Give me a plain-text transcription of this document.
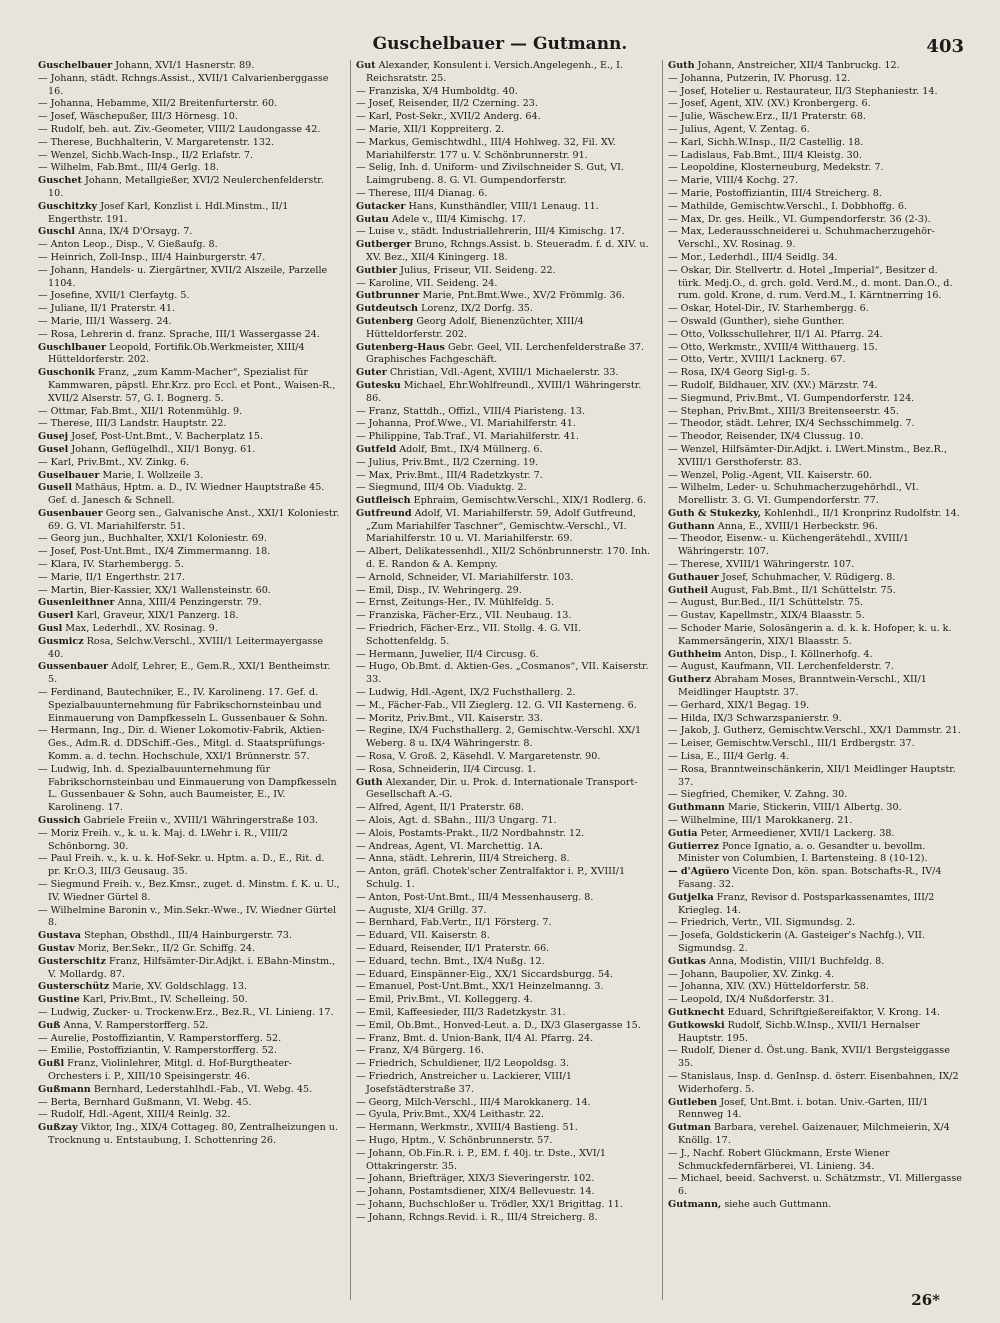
Guschelbauer — Gutmann.	403
Guschelbauer Johann, XVI/1 Hasnerstr. 89.
— Johann, städt. Rchngs.Assist., XVII/1 Calvarienberggasse 16.
— Johanna, Hebamme, XII/2 Breitenfurterstr. 60.
— Josef, Wäschepußer, III/3 Hörnesg. 10.
— Rudolf, beh. aut. Ziv.-Geometer, VIII/2 Laudongasse 42.
— Therese, Buchhalterin, V. Margaretenstr. 132.
— Wenzel, Sichb.Wach-Insp., II/2 Erlafstr. 7.
— Wilhelm, Fab.Bmt., III/4 Gerlg. 18.
Guschet Johann, Metallgießer, XVI/2 Neulerchenfelderstr. 10.
Guschitzky Josef Karl, Konzlist i. Hdl.Minstm., II/1 Engerthstr. 191.
Guschl Anna, IX/4 D'Orsayg. 7.
— Anton Leop., Disp., V. Gießaufg. 8.
— Heinrich, Zoll-Insp., III/4 Hainburgerstr. 47.
— Johann, Handels- u. Ziergärtner, XVII/2 Alszeile, Parzelle 1104.
— Josefine, XVII/1 Clerfaytg. 5.
— Juliane, II/1 Praterstr. 41.
— Marie, III/1 Wasserg. 24.
— Rosa, Lehrerin d. franz. Sprache, III/1 Wassergasse 24.
Guschlbauer Leopold, Fortifik.Ob.Werkmeister, XIII/4 Hütteldorferstr. 202.
Guschonik Franz, „zum Kamm-Macher“, Spezialist für Kammwaren, päpstl. Ehr.Krz. pro Eccl. et Pont., Waisen-R., XVII/2 Alserstr. 57, G. I. Bognerg. 5.
— Ottmar, Fab.Bmt., XII/1 Rotenmühlg. 9.
— Therese, III/3 Landstr. Hauptstr. 22.
Gusej Josef, Post-Unt.Bmt., V. Bacherplatz 15.
Gusel Johann, Geflügelhdl., XII/1 Bonyg. 61.
— Karl, Priv.Bmt., XV. Zinkg. 6.
Guselbauer Marie, I. Wollzeile 3.
Gusell Mathäus, Hptm. a. D., IV. Wiedner Hauptstraße 45. Gef. d. Janesch & Schnell.
Gusenbauer Georg sen., Galvanische Anst., XXI/1 Koloniestr. 69. G. VI. Mariahilferstr. 51.
— Georg jun., Buchhalter, XXI/1 Koloniestr. 69.
— Josef, Post-Unt.Bmt., IX/4 Zimmermanng. 18.
— Klara, IV. Starhembergg. 5.
— Marie, II/1 Engerthstr. 217.
— Martin, Bier-Kassier, XX/1 Wallensteinstr. 60.
Gusenleithner Anna, XIII/4 Penzingerstr. 79.
Guserl Karl, Graveur, XIX/1 Panzerg. 18.
Gusl Max, Lederhdl., XV. Rosinag. 9.
Gusmicz Rosa, Selchw.Verschl., XVIII/1 Leitermayergasse 40.
Gussenbauer Adolf, Lehrer, E., Gem.R., XXI/1 Bentheimstr. 5.
— Ferdinand, Bautechniker, E., IV. Karolineng. 17. Gef. d. Spezialbauunternehmung für Fabrikschornsteinbau und Einmauerung von Dampfkesseln L. Gussenbauer & Sohn.
— Hermann, Ing., Dir. d. Wiener Lokomotiv-Fabrik, Aktien-Ges., Adm.R. d. DDSchiff.-Ges., Mitgl. d. Staatsprüfungs-Komm. a. d. techn. Hochschule, XXI/1 Brünnerstr. 57.
— Ludwig, Inh. d. Spezialbauunternehmung für Fabrikschornsteinbau und Einmauerung von Dampfkesseln L. Gussenbauer & Sohn, auch Baumeister, E., IV. Karolineng. 17.
Gussich Gabriele Freiin v., XVIII/1 Währingerstraße 103.
— Moriz Freih. v., k. u. k. Maj. d. LWehr i. R., VIII/2 Schönborng. 30.
— Paul Freih. v., k. u. k. Hof-Sekr. u. Hptm. a. D., E., Rit. d. pr. Kr.O.3, III/3 Geusaug. 35.
— Siegmund Freih. v., Bez.Kmsr., zuget. d. Minstm. f. K. u. U., IV. Wiedner Gürtel 8.
— Wilhelmine Baronin v., Min.Sekr.-Wwe., IV. Wiedner Gürtel 8.
Gustava Stephan, Obsthdl., III/4 Hainburgerstr. 73.
Gustav Moriz, Ber.Sekr., II/2 Gr. Schiffg. 24.
Gusterschitz Franz, Hilfsämter-Dir.Adjkt. i. EBahn-Minstm., V. Mollardg. 87.
Gusterschütz Marie, XV. Goldschlagg. 13.
Gustine Karl, Priv.Bmt., IV. Schelleing. 50.
— Ludwig, Zucker- u. Trockenw.Erz., Bez.R., VI. Linieng. 17.
Guß Anna, V. Ramperstorfferg. 52.
— Aurelie, Postoffiziantin, V. Ramperstorfferg. 52.
— Emilie, Postoffiziantin, V. Ramperstorfferg. 52.
Gußl Franz, Violinlehrer, Mitgl. d. Hof-Burgtheater-Orchesters i. P., XIII/10 Speisingerstr. 46.
Gußmann Bernhard, Lederstahlhdl.-Fab., VI. Webg. 45.
— Berta, Bernhard Gußmann, VI. Webg. 45.
— Rudolf, Hdl.-Agent, XIII/4 Reinlg. 32.
Gußzay Viktor, Ing., XIX/4 Cottageg. 80, Zentralheizungen u. Trocknung u. Entstaubung, I. Schottenring 26.
Gut Alexander, Konsulent i. Versich.Angelegenh., E., I. Reichsratstr. 25.
— Franziska, X/4 Humboldtg. 40.
— Josef, Reisender, II/2 Czerning. 23.
— Karl, Post-Sekr., XVII/2 Anderg. 64.
— Marie, XII/1 Koppreiterg. 2.
— Markus, Gemischtwdhl., III/4 Hohlweg. 32, Fil. XV. Mariahilferstr. 177 u. V. Schönbrunnerstr. 91.
— Selig, Inh. d. Uniform- und Zivilschneider S. Gut, VI. Laimgrubeng. 8. G. VI. Gumpendorferstr.
— Therese, III/4 Dianag. 6.
Gutacker Hans, Kunsthändler, VIII/1 Lenaug. 11.
Gutau Adele v., III/4 Kimischg. 17.
— Luise v., städt. Industriallehrerin, III/4 Kimischg. 17.
Gutberger Bruno, Rchngs.Assist. b. Steueradm. f. d. XIV. u. XV. Bez., XII/4 Kiningerg. 18.
Gutbier Julius, Friseur, VII. Seideng. 22.
— Karoline, VII. Seideng. 24.
Gutbrunner Marie, Pnt.Bmt.Wwe., XV/2 Frömmlg. 36.
Gutdeutsch Lorenz, IX/2 Dorfg. 35.
Gutenberg Georg Adolf, Bienenzüchter, XIII/4 Hütteldorferstr. 202.
Gutenberg-Haus Gebr. Geel, VII. Lerchenfelderstraße 37. Graphisches Fachgeschäft.
Guter Christian, Vdl.-Agent, XVIII/1 Michaelerstr. 33.
Gutesku Michael, Ehr.Wohlfreundl., XVIII/1 Währingerstr. 86.
— Franz, Stattdh., Offizl., VIII/4 Piaristeng. 13.
— Johanna, Prof.Wwe., VI. Mariahilferstr. 41.
— Philippine, Tab.Traf., VI. Mariahilferstr. 41.
Gutfeld Adolf, Bmt., IX/4 Müllnerg. 6.
— Julius, Priv.Bmt., II/2 Czerning. 19.
— Max, Priv.Bmt., III/4 Radetzkystr. 7.
— Siegmund, III/4 Ob. Viaduktg. 2.
Gutfleisch Ephraim, Gemischtw.Verschl., XIX/1 Rodlerg. 6.
Gutfreund Adolf, VI. Mariahilferstr. 59, Adolf Gutfreund, „Zum Mariahilfer Taschner“, Gemischtw.-Verschl., VI. Mariahilferstr. 10 u. VI. Mariahilferstr. 69.
— Albert, Delikatessenhdl., XII/2 Schönbrunnerstr. 170. Inh. d. E. Randon & A. Kempny.
— Arnold, Schneider, VI. Mariahilferstr. 103.
— Emil, Disp., IV. Wehringerg. 29.
— Ernst, Zeitungs-Her., IV. Mühlfeldg. 5.
— Franziska, Fächer-Erz., VII. Neubaug. 13.
— Friedrich, Fächer-Erz., VII. Stollg. 4. G. VII. Schottenfeldg. 5.
— Hermann, Juwelier, II/4 Circusg. 6.
— Hugo, Ob.Bmt. d. Aktien-Ges. „Cosmanos“, VII. Kaiserstr. 33.
— Ludwig, Hdl.-Agent, IX/2 Fuchsthallerg. 2.
— M., Fächer-Fab., VII Zieglerg. 12. G. VII Kasterneng. 6.
— Moritz, Priv.Bmt., VII. Kaiserstr. 33.
— Regine, IX/4 Fuchsthallerg. 2, Gemischtw.-Verschl. XX/1 Weberg. 8 u. IX/4 Währingerstr. 8.
— Rosa, V. Groß. 2, Käsehdl. V. Margaretenstr. 90.
— Rosa, Schneiderin, II/4 Circusg. 1.
Guth Alexander, Dir. u. Prok. d. Internationale Transport-Gesellschaft A.-G.
— Alfred, Agent, II/1 Praterstr. 68.
— Alois, Agt. d. SBahn., III/3 Ungarg. 71.
— Alois, Postamts-Prakt., II/2 Nordbahnstr. 12.
— Andreas, Agent, VI. Marchettig. 1A.
— Anna, städt. Lehrerin, III/4 Streicherg. 8.
— Anton, gräfl. Chotek'scher Zentralfaktor i. P., XVIII/1 Schulg. 1.
— Anton, Post-Unt.Bmt., III/4 Messenhauserg. 8.
— Auguste, XI/4 Grillg. 37.
— Bernhard, Fab.Vertr., II/1 Försterg. 7.
— Eduard, VII. Kaiserstr. 8.
— Eduard, Reisender, II/1 Praterstr. 66.
— Eduard, techn. Bmt., IX/4 Nußg. 12.
— Eduard, Einspänner-Eig., XX/1 Siccardsburgg. 54.
— Emanuel, Post-Unt.Bmt., XX/1 Heinzelmanng. 3.
— Emil, Priv.Bmt., VI. Kolleggerg. 4.
— Emil, Kaffeesieder, III/3 Radetzkystr. 31.
— Emil, Ob.Bmt., Honved-Leut. a. D., IX/3 Glasergasse 15.
— Franz, Bmt. d. Union-Bank, II/4 Al. Pfarrg. 24.
— Franz, X/4 Bürgerg. 16.
— Friedrich, Schuldiener, II/2 Leopoldsg. 3.
— Friedrich, Anstreicher u. Lackierer, VIII/1 Josefstädterstraße 37.
— Georg, Milch-Verschl., III/4 Marokkanerg. 14.
— Gyula, Priv.Bmt., XX/4 Leithastr. 22.
— Hermann, Werkmstr., XVIII/4 Bastieng. 51.
— Hugo, Hptm., V. Schönbrunnerstr. 57.
— Johann, Ob.Fin.R. i. P., EM. f. 40j. tr. Dste., XVI/1 Ottakringerstr. 35.
— Johann, Briefträger, XIX/3 Sieveringerstr. 102.
— Johann, Postamtsdiener, XIX/4 Bellevuestr. 14.
— Johann, Buchschloßer u. Trödler, XX/1 Brigittag. 11.
— Johann, Rchngs.Revid. i. R., III/4 Streicherg. 8.
Guth Johann, Anstreicher, XII/4 Tanbruckg. 12.
— Johanna, Putzerin, IV. Phorusg. 12.
— Josef, Hotelier u. Restaurateur, II/3 Stephaniestr. 14.
— Josef, Agent, XIV. (XV.) Kronbergerg. 6.
— Julie, Wäschew.Erz., II/1 Praterstr. 68.
— Julius, Agent, V. Zentag. 6.
— Karl, Sichh.W.Insp., II/2 Castellig. 18.
— Ladislaus, Fab.Bmt., III/4 Kleistg. 30.
— Leopoldine, Klosterneuburg, Medekstr. 7.
— Marie, VIII/4 Kochg. 27.
— Marie, Postoffiziantin, III/4 Streicherg. 8.
— Mathilde, Gemischtw.Verschl., I. Dobbhoffg. 6.
— Max, Dr. ges. Heilk., VI. Gumpendorferstr. 36 (2-3).
— Max, Lederausschneiderei u. Schuhmacherzugehör-Verschl., XV. Rosinag. 9.
— Mor., Lederhdl., III/4 Seidlg. 34.
— Oskar, Dir. Stellvertr. d. Hotel „Imperial“, Besitzer d. türk. Medj.O., d. grch. gold. Verd.M., d. mont. Dan.O., d. rum. gold. Krone, d. rum. Verd.M., I. Kärntnerring 16.
— Oskar, Hotel-Dir., IV. Starhembergg. 6.
— Oswald (Gunther), siehe Gunther.
— Otto, Volksschullehrer, II/1 Al. Pfarrg. 24.
— Otto, Werkmstr., XVIII/4 Witthauerg. 15.
— Otto, Vertr., XVIII/1 Lacknerg. 67.
— Rosa, IX/4 Georg Sigl-g. 5.
— Rudolf, Bildhauer, XIV. (XV.) Märzstr. 74.
— Siegmund, Priv.Bmt., VI. Gumpendorferstr. 124.
— Stephan, Priv.Bmt., XIII/3 Breitenseerstr. 45.
— Theodor, städt. Lehrer, IX/4 Sechsschimmelg. 7.
— Theodor, Reisender, IX/4 Clussug. 10.
— Wenzel, Hilfsämter-Dir.Adjkt. i. LWert.Minstm., Bez.R., XVIII/1 Gersthoferstr. 83.
— Wenzel, Polig.-Agent, VII. Kaiserstr. 60.
— Wilhelm, Leder- u. Schuhmacherzugehörhdl., VI. Morellistr. 3. G. VI. Gumpendorferstr. 77.
Guth & Stukezky, Kohlenhdl., II/1 Kronprinz Rudolfstr. 14.
Guthann Anna, E., XVIII/1 Herbeckstr. 96.
— Theodor, Eisenw.- u. Küchengerätehdl., XVIII/1 Währingerstr. 107.
— Therese, XVIII/1 Währingerstr. 107.
Guthauer Josef, Schuhmacher, V. Rüdigerg. 8.
Gutheil August, Fab.Bmt., II/1 Schüttelstr. 75.
— August, Bur.Bed., II/1 Schüttelstr. 75.
— Gustav, Kapellmstr., XIX/4 Blaasstr. 5.
— Schoder Marie, Solosängerin a. d. k. k. Hofoper, k. u. k. Kammersängerin, XIX/1 Blaasstr. 5.
Guthheim Anton, Disp., I. Köllnerhofg. 4.
— August, Kaufmann, VII. Lerchenfelderstr. 7.
Gutherz Abraham Moses, Branntwein-Verschl., XII/1 Meidlinger Hauptstr. 37.
— Gerhard, XIX/1 Begag. 19.
— Hilda, IX/3 Schwarzspanierstr. 9.
— Jakob, J. Gutherz, Gemischtw.Verschl., XX/1 Dammstr. 21.
— Leiser, Gemischtw.Verschl., III/1 Erdbergstr. 37.
— Lisa, E., III/4 Gerlg. 4.
— Rosa, Branntweinschänkerin, XII/1 Meidlinger Hauptstr. 37.
— Siegfried, Chemiker, V. Zahng. 30.
Guthmann Marie, Stickerin, VIII/1 Albertg. 30.
— Wilhelmine, III/1 Marokkanerg. 21.
Gutia Peter, Armeediener, XVII/1 Lackerg. 38.
Gutierrez Ponce Ignatio, a. o. Gesandter u. bevollm. Minister von Columbien, I. Bartensteing. 8 (10-12).
— d'Agüero Vicente Don, kön. span. Botschafts-R., IV/4 Fasang. 32.
Gutjelka Franz, Revisor d. Postsparkassenamtes, III/2 Kriegleg. 14.
— Friedrich, Vertr., VII. Sigmundsg. 2.
— Josefa, Goldstickerin (A. Gasteiger's Nachfg.), VII. Sigmundsg. 2.
Gutkas Anna, Modistin, VIII/1 Buchfeldg. 8.
— Johann, Baupolier, XV. Zinkg. 4.
— Johanna, XIV. (XV.) Hütteldorferstr. 58.
— Leopold, IX/4 Nußdorferstr. 31.
Gutknecht Eduard, Schriftgießereifaktor, V. Krong. 14.
Gutkowski Rudolf, Sichb.W.Insp., XVII/1 Hernalser Hauptstr. 195.
— Rudolf, Diener d. Öst.ung. Bank, XVII/1 Bergsteiggasse 35.
— Stanislaus, Insp. d. GenInsp. d. österr. Eisenbahnen, IX/2 Widerhoferg. 5.
Gutleben Josef, Unt.Bmt. i. botan. Univ.-Garten, III/1 Rennweg 14.
Gutman Barbara, verehel. Gaizenauer, Milchmeierin, X/4 Knöllg. 17.
— J., Nachf. Robert Glückmann, Erste Wiener Schmuckfedernfärberei, VI. Linieng. 34.
— Michael, beeid. Sachverst. u. Schätzmstr., VI. Millergasse 6.
Gutmann, siehe auch Guttmann.
26*
